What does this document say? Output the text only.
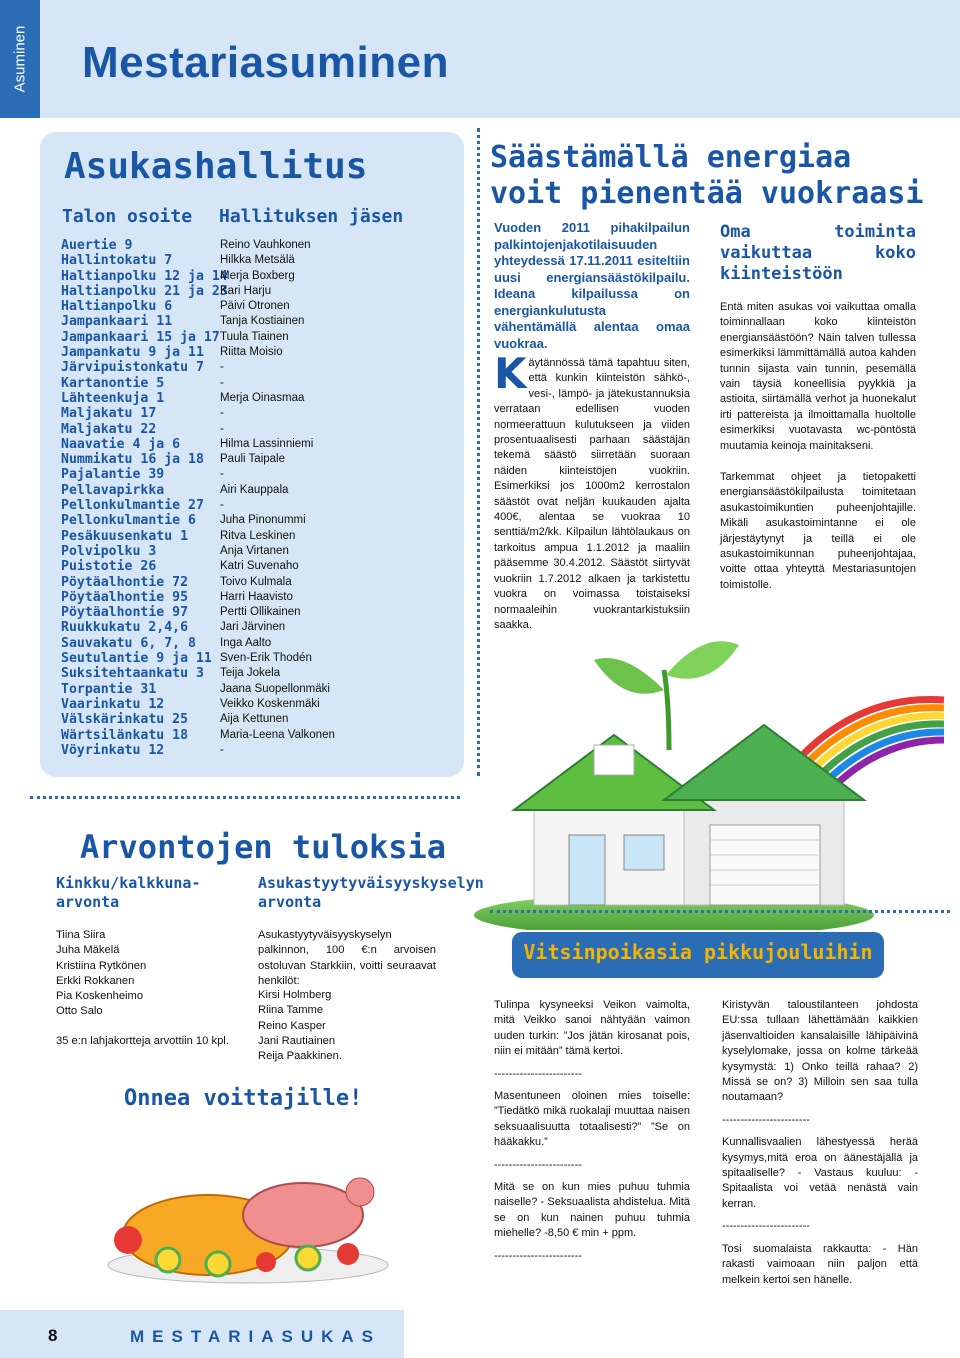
Asuminen Mestariasuminen
Asukashallitus
Talon osoite Hallituksen jäsen
Auertie 9
Hallintokatu 7
Haltianpolku 12 ja 14
Haltianpolku 21 ja 23
Haltianpolku 6
Jampankaari 11
Jampankaari 15 ja 17
Jampankatu 9 ja 11
Järvipuistonkatu 7
Kartanontie 5
Lähteenkuja 1
Maljakatu 17
Maljakatu 22
Naavatie 4 ja 6
Nummikatu 16 ja 18
Pajalantie 39
Pellavapirkka
Pellonkulmantie 27
Pellonkulmantie 6
Pesäkuusenkatu 1
Polvipolku 3
Puistotie 26
Pöytäalhontie 72
Pöytäalhontie 95
Pöytäalhontie 97
Ruukkukatu 2,4,6
Sauvakatu 6, 7, 8
Seutulantie 9 ja 11
Suksitehtaankatu 3
Torpantie 31
Vaarinkatu 12
Välskärinkatu 25
Wärtsilänkatu 18
Vöyrinkatu 12
Reino Vauhkonen
Hilkka Metsälä
Merja Boxberg
Kari Harju
Päivi Otronen
Tanja Kostiainen
Tuula Tiainen
Riitta Moisio
-
-
Merja Oinasmaa
-
-
Hilma Lassinniemi
Pauli Taipale
-
Airi Kauppala
-
Juha Pinonummi
Ritva Leskinen
Anja Virtanen
Katri Suvenaho
Toivo Kulmala
Harri Haavisto
Pertti Ollikainen
Jari Järvinen
Inga Aalto
Sven-Erik Thodén
Teija Jokela
Jaana Suopellonmäki
Veikko Koskenmäki
Aija Kettunen
Maria-Leena Valkonen
-
Säästämällä energiaa
voit pienentää vuokraasi
Vuoden 2011 pihakilpailun palkintojenjakotilaisuuden yhteydessä 17.11.2011 esiteltiin uusi energiansäästökilpailu. Ideana kilpailussa on energiankulutusta vähentämällä alentaa omaa vuokraa.
Käytännössä tämä tapahtuu siten, että kunkin kiinteistön sähkö-, vesi-, lämpö- ja jätekustannuksia verrataan edellisen vuoden normeerattuun kulutukseen ja viiden prosentuaalisesti parhaan säästäjän tekemä säästö siirretään suoraan näiden kiinteistöjen vuokriin. Esimerkiksi jos 1000m2 kerrostalon säästöt ovat neljän kuukauden ajalta 400€, alentaa se vuokraa 10 senttiä/m2/kk. Kilpailun lähtölaukaus on tarkoitus ampua 1.1.2012 ja maaliin pääsemme 30.4.2012. Säästöt siirtyvät vuokriin 1.7.2012 alkaen ja tarkistettu vuokra on voimassa toistaiseksi normaaleihin vuokrantarkistuksiin saakka.
Oma toiminta vaikuttaa koko kiinteistöön
Entä miten asukas voi vaikuttaa omalla toiminnallaan koko kiinteistön energiansäästöön? Näin talven tullessa esimerkiksi lämmittämällä autoa kahden tunnin sijasta vain tunnin, pesemällä vain täysiä koneellisia pyykkiä ja astioita, siirtämällä verhot ja huonekalut irti pattereista ja ilmoittamalla huoltolle esimerkiksi vuotavasta wc-pöntöstä muutamia keinoja mainitakseni.
Tarkemmat ohjeet ja tietopaketti energiansäästökilpailusta toimitetaan asukastoimikuntien puheenjohtajille. Mikäli asukastoimintanne ei ole järjestäytynyt ja teillä ei ole asukastoimikunnan puheenjohtajaa, voitte ottaa yhteyttä Mestariasuntojen toimistolle.
Arvontojen tuloksia
Kinkku/kalkkuna-arvonta
Tiina Siira
Juha Mäkelä
Kristiina Rytkönen
Erkki Rokkanen
Pia Koskenheimo
Otto Salo
35 e:n lahjakortteja arvottiin 10 kpl.
Asukastyytyväisyyskyselyn arvonta
Asukastyytyväisyyskyselyn palkinnon, 100 €:n arvoisen ostoluvan Starkkiin, voitti seuraavat henkilöt:
Kirsi Holmberg
Riina Tamme
Reino Kasper
Jani Rautiainen
Reija Paakkinen.
Onnea voittajille!
Vitsinpoikasia pikkujouluihin

Tulinpa kysyneeksi Veikon vaimolta, mitä Veikko sanoi nähtyään vaimon uuden turkin: ”Jos jätän kirosanat pois, niin ei mitään” tämä kertoi.

------------------------

Masentuneen oloinen mies toiselle: ”Tiedätkö mikä ruokalaji muuttaa naisen seksuaalisuutta totaalisesti?” ”Se on hääkakku.”

------------------------

Mitä se on kun mies puhuu tuhmia naiselle? - Seksuaalista ahdistelua. Mitä se on kun nainen puhuu tuhmia miehelle? -8,50 € min + ppm.

------------------------

Kiristyvän taloustilanteen johdosta EU:ssa tullaan lähettämään kaikkien jäsenvaltioiden kansalaisille lähipäivinä kyselylomake, jossa on kolme tärkeää kysymystä: 1) Onko teillä rahaa? 2) Missä se on? 3) Milloin sen saa tulla noutamaan?

------------------------

Kunnallisvaalien lähestyessä herää kysymys,mitä eroa on äänestäjällä ja spitaaliselle? - Vastaus kuuluu: - Spitaalista voi vetää nenästä vain kerran.

------------------------

Tosi suomalaista rakkautta: - Hän rakasti vaimoaan niin paljon että melkein kertoi sen hänelle.

8	MESTARIASUKAS
